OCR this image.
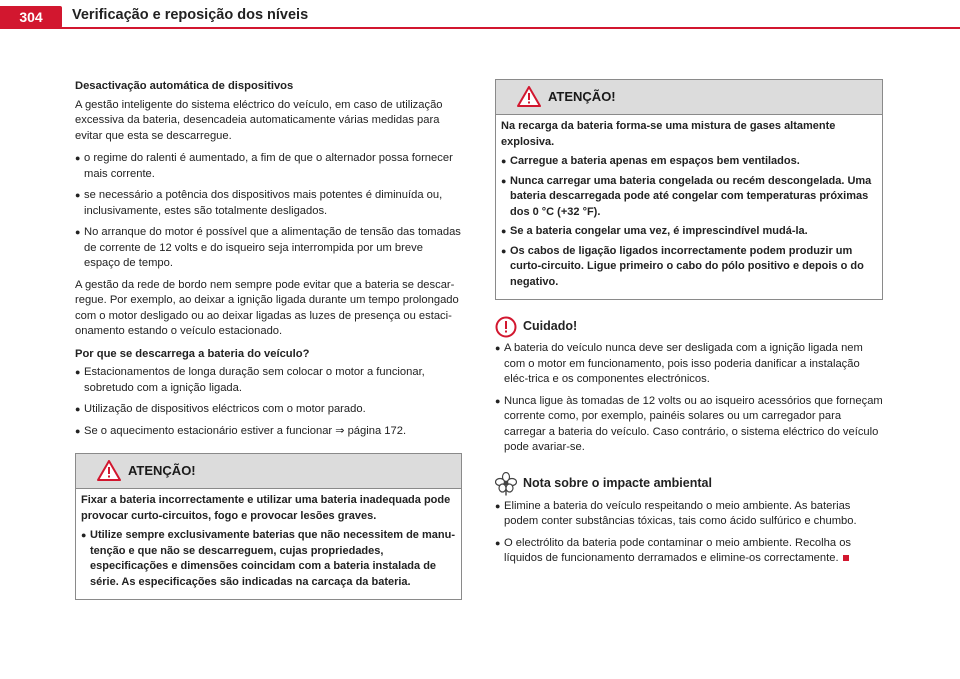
304	Verificação e reposição dos níveis

Desactivação automática de dispositivos

A gestão inteligente do sistema eléctrico do veículo, em caso de utilização excessiva da bateria, desencadeia automaticamente várias medidas para evitar que esta se descarregue.

● o regime do ralenti é aumentado, a fim de que o alternador possa fornecer mais corrente.
● se necessário a potência dos dispositivos mais potentes é diminuída ou, inclusivamente, estes são totalmente desligados.
● No arranque do motor é possível que a alimentação de tensão das tomadas de corrente de 12 volts e do isqueiro seja interrompida por um breve espaço de tempo.

A gestão da rede de bordo nem sempre pode evitar que a bateria se descar-regue. Por exemplo, ao deixar a ignição ligada durante um tempo prolongado com o motor desligado ou ao deixar ligadas as luzes de presença ou estaci-onamento estando o veículo estacionado.

Por que se descarrega a bateria do veículo?

● Estacionamentos de longa duração sem colocar o motor a funcionar, sobretudo com a ignição ligada.
● Utilização de dispositivos eléctricos com o motor parado.
● Se o aquecimento estacionário estiver a funcionar ⇒ página 172.
ATENÇÃO!

Fixar a bateria incorrectamente e utilizar uma bateria inadequada pode provocar curto-circuitos, fogo e provocar lesões graves.

● Utilize sempre exclusivamente baterias que não necessitem de manu-tenção e que não se descarreguem, cujas propriedades, especificações e dimensões coincidam com a bateria instalada de série. As especificações são indicadas na carcaça da bateria.
ATENÇÃO!

Na recarga da bateria forma-se uma mistura de gases altamente explosiva.

● Carregue a bateria apenas em espaços bem ventilados.
● Nunca carregar uma bateria congelada ou recém descongelada. Uma bateria descarregada pode até congelar com temperaturas próximas dos 0 °C (+32 °F).
● Se a bateria congelar uma vez, é imprescindível mudá-la.
● Os cabos de ligação ligados incorrectamente podem produzir um curto-circuito. Ligue primeiro o cabo do pólo positivo e depois o do negativo.
Cuidado!
● A bateria do veículo nunca deve ser desligada com a ignição ligada nem com o motor em funcionamento, pois isso poderia danificar a instalação eléc-trica e os componentes electrónicos.
● Nunca ligue às tomadas de 12 volts ou ao isqueiro acessórios que forneçam corrente como, por exemplo, painéis solares ou um carregador para carregar a bateria do veículo. Caso contrário, o sistema eléctrico do veículo pode avariar-se.
Nota sobre o impacte ambiental
● Elimine a bateria do veículo respeitando o meio ambiente. As baterias podem conter substâncias tóxicas, tais como ácido sulfúrico e chumbo.
● O electrólito da bateria pode contaminar o meio ambiente. Recolha os líquidos de funcionamento derramados e elimine-os correctamente.
